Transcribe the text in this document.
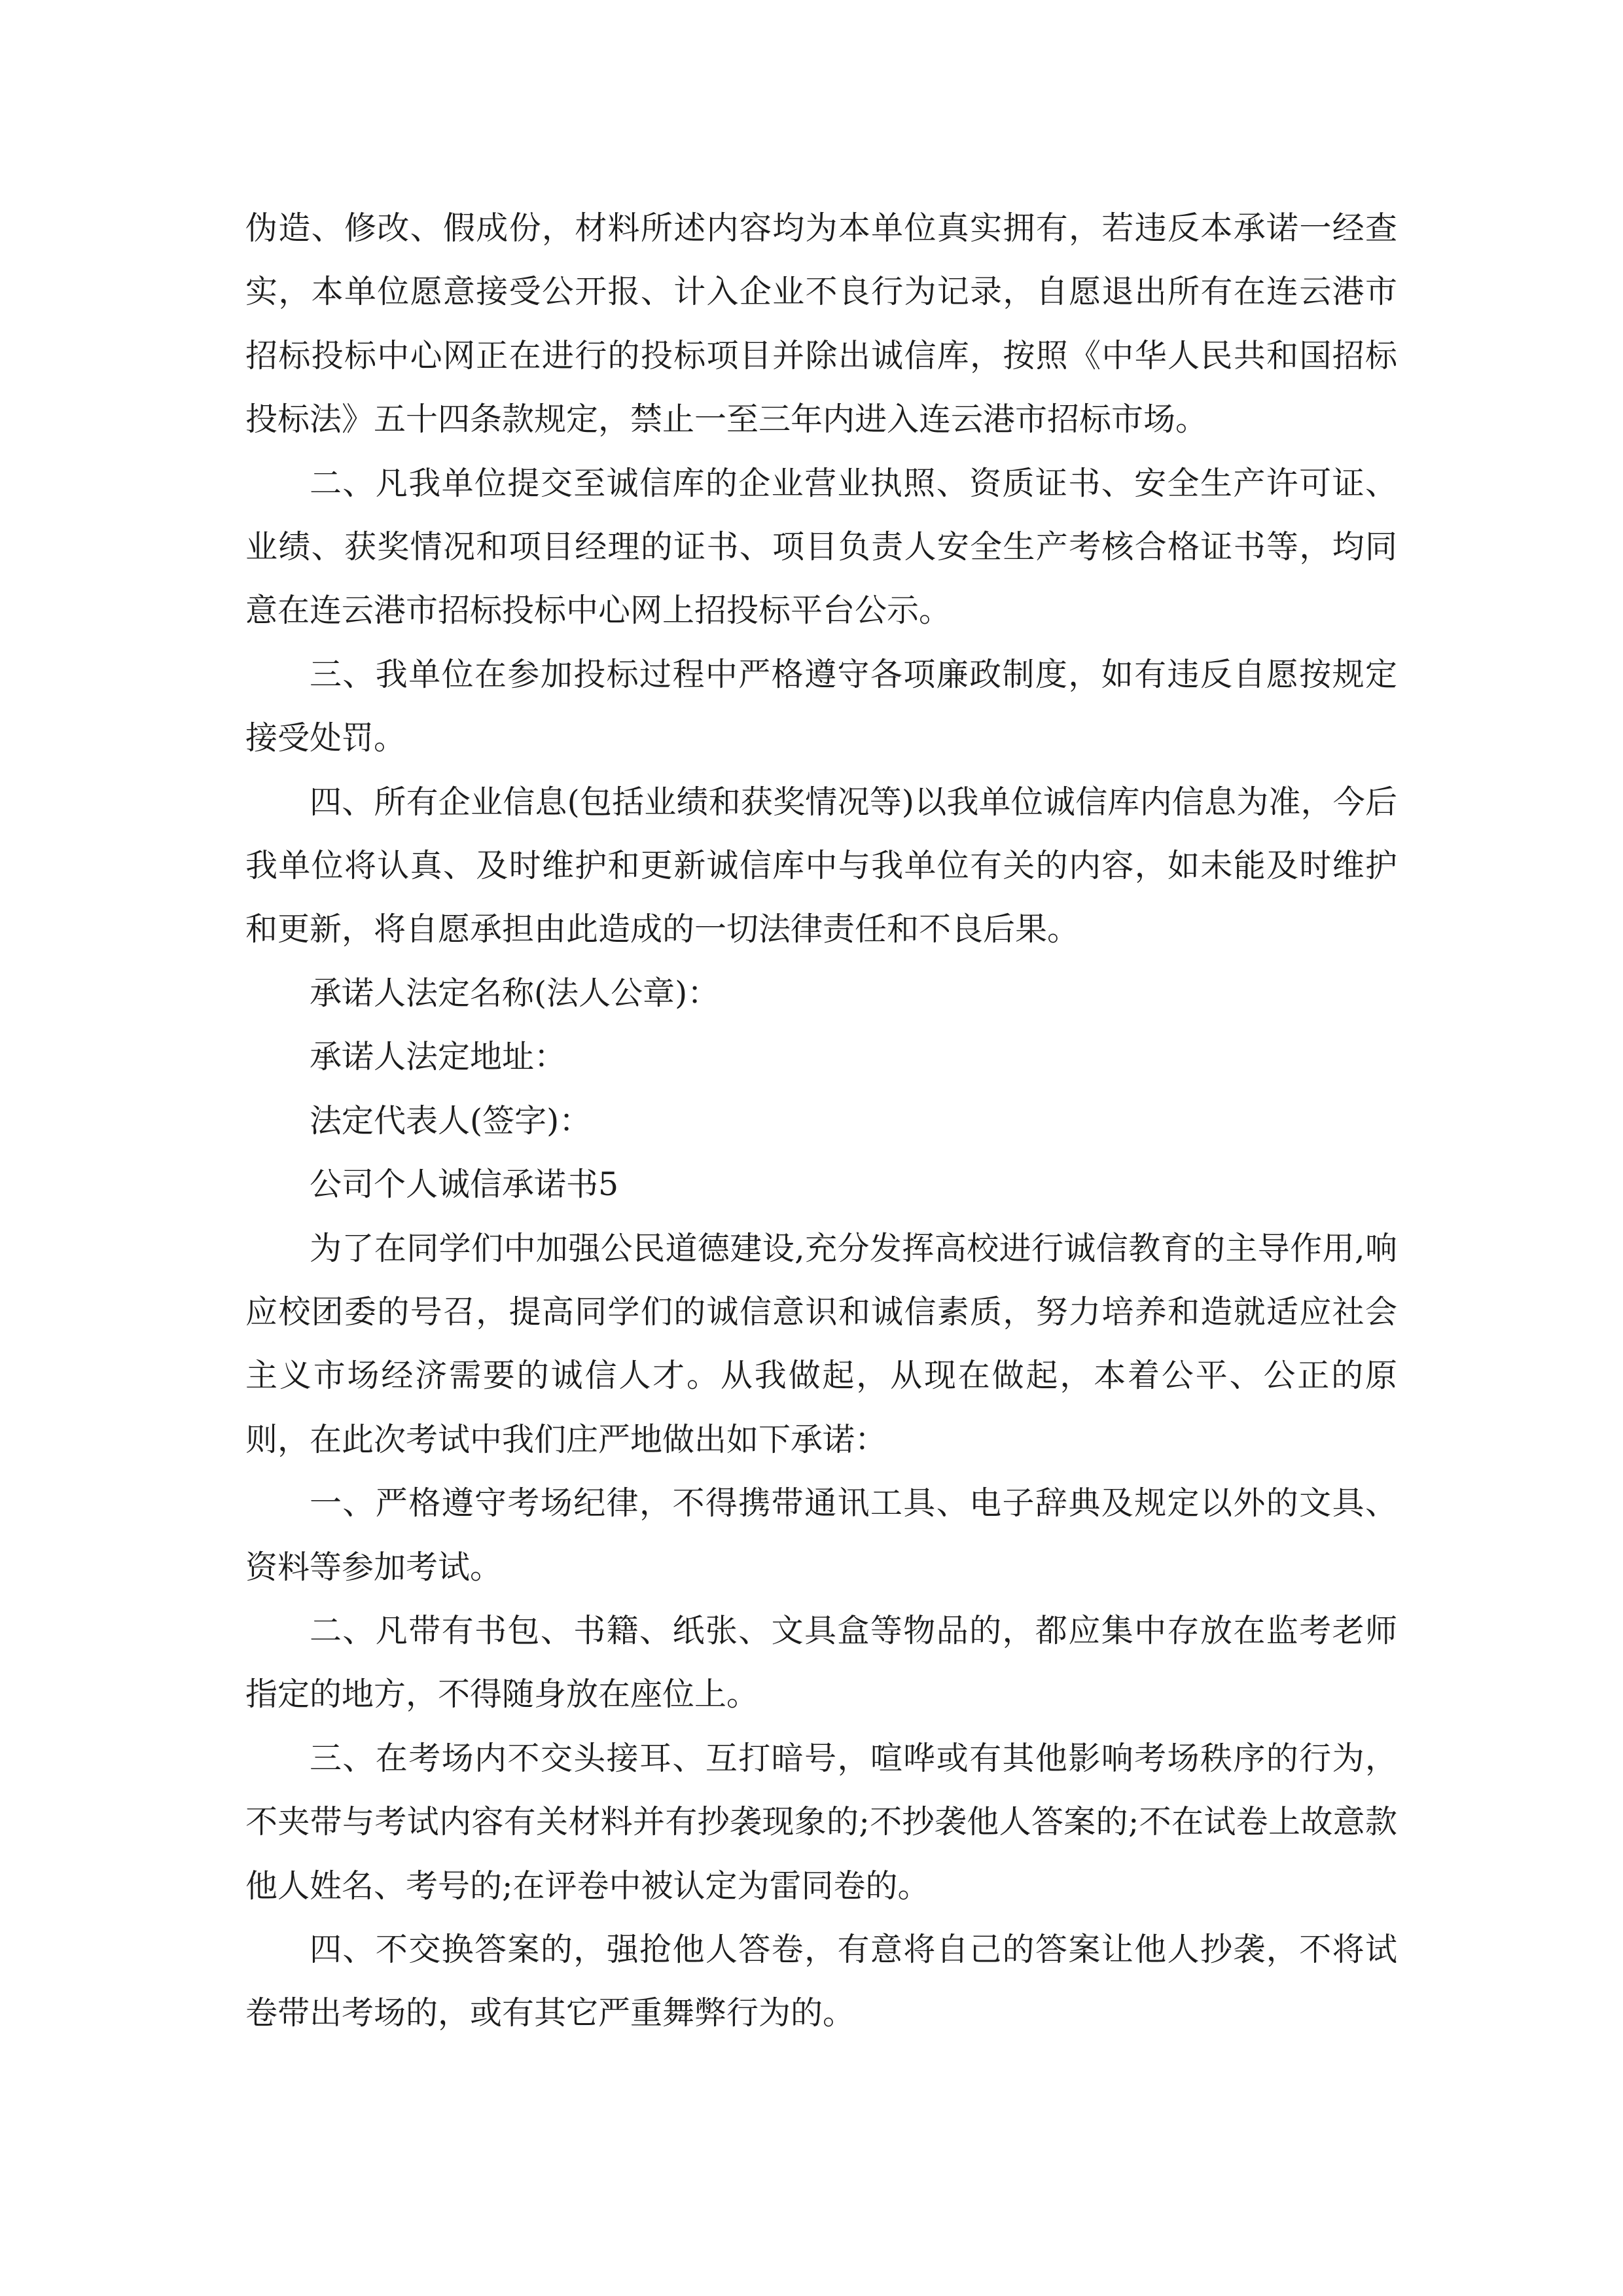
伪造、修改、假成份，材料所述内容均为本单位真实拥有，若违反本承诺一经查实，本单位愿意接受公开报、计入企业不良行为记录，自愿退出所有在连云港市招标投标中心网正在进行的投标项目并除出诚信库，按照《中华人民共和国招标投标法》五十四条款规定，禁止一至三年内进入连云港市招标市场。

二、凡我单位提交至诚信库的企业营业执照、资质证书、安全生产许可证、业绩、获奖情况和项目经理的证书、项目负责人安全生产考核合格证书等，均同意在连云港市招标投标中心网上招投标平台公示。

三、我单位在参加投标过程中严格遵守各项廉政制度，如有违反自愿按规定接受处罚。

四、所有企业信息(包括业绩和获奖情况等)以我单位诚信库内信息为准，今后我单位将认真、及时维护和更新诚信库中与我单位有关的内容，如未能及时维护和更新，将自愿承担由此造成的一切法律责任和不良后果。

承诺人法定名称(法人公章)：

承诺人法定地址：

法定代表人(签字)：

公司个人诚信承诺书5

为了在同学们中加强公民道德建设,充分发挥高校进行诚信教育的主导作用,响应校团委的号召，提高同学们的诚信意识和诚信素质，努力培养和造就适应社会主义市场经济需要的诚信人才。从我做起，从现在做起，本着公平、公正的原则，在此次考试中我们庄严地做出如下承诺：

一、严格遵守考场纪律，不得携带通讯工具、电子辞典及规定以外的文具、资料等参加考试。

二、凡带有书包、书籍、纸张、文具盒等物品的，都应集中存放在监考老师指定的地方，不得随身放在座位上。

三、在考场内不交头接耳、互打暗号，喧哗或有其他影响考场秩序的行为，不夹带与考试内容有关材料并有抄袭现象的;不抄袭他人答案的;不在试卷上故意款他人姓名、考号的;在评卷中被认定为雷同卷的。

四、不交换答案的，强抢他人答卷，有意将自己的答案让他人抄袭，不将试卷带出考场的，或有其它严重舞弊行为的。
